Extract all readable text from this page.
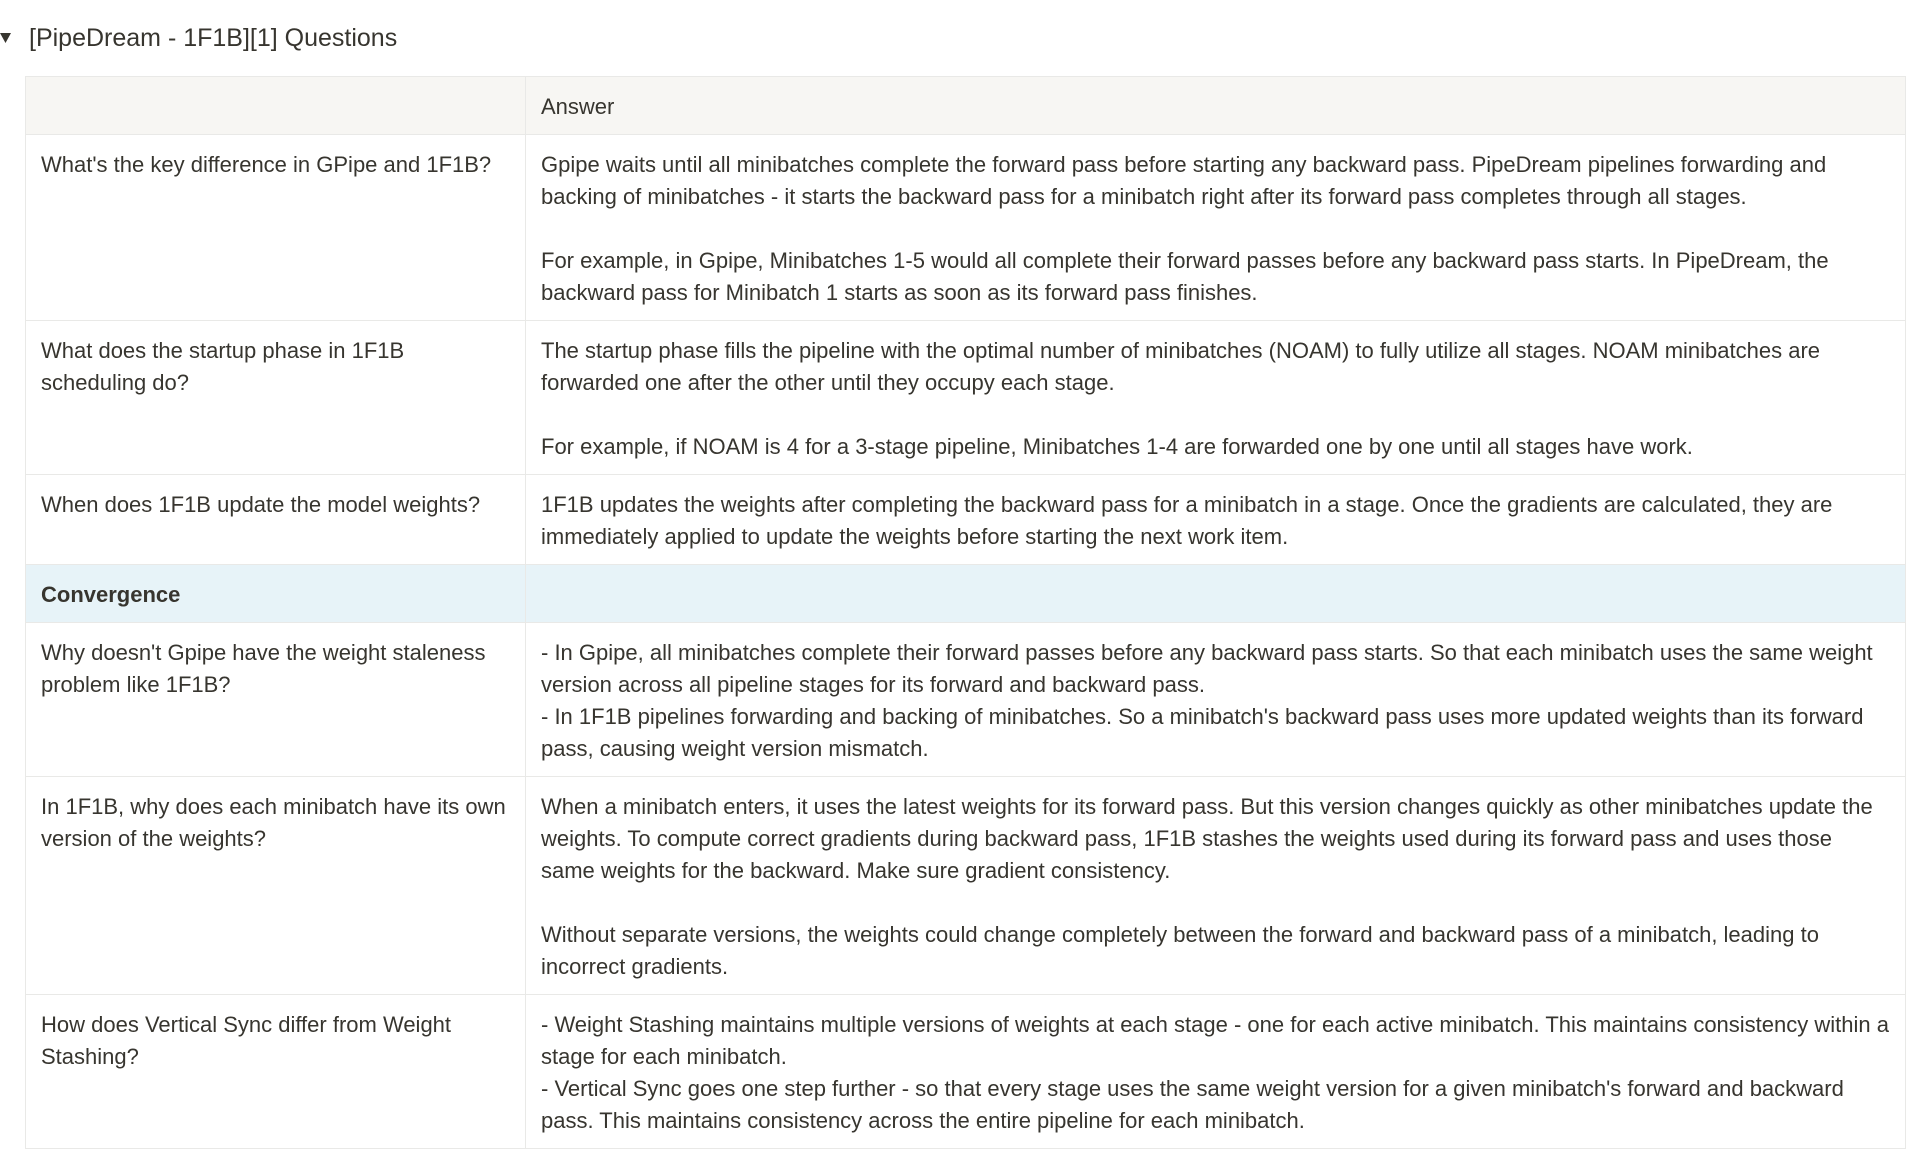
[PipeDream - 1F1B][1] Questions
	Answer
What's the key difference in GPipe and 1F1B?	Gpipe waits until all minibatches complete the forward pass before starting any backward pass. PipeDream pipelines forwarding and backing of minibatches - it starts the backward pass for a minibatch right after its forward pass completes through all stages.
For example, in Gpipe, Minibatches 1-5 would all complete their forward passes before any backward pass starts. In PipeDream, the backward pass for Minibatch 1 starts as soon as its forward pass finishes.

What does the startup phase in 1F1B scheduling do?	The startup phase fills the pipeline with the optimal number of minibatches (NOAM) to fully utilize all stages. NOAM minibatches are forwarded one after the other until they occupy each stage.
For example, if NOAM is 4 for a 3-stage pipeline, Minibatches 1-4 are forwarded one by one until all stages have work.

When does 1F1B update the model weights?	1F1B updates the weights after completing the backward pass for a minibatch in a stage. Once the gradients are calculated, they are immediately applied to update the weights before starting the next work item.

Convergence	
Why doesn't Gpipe have the weight staleness problem like 1F1B?	- In Gpipe, all minibatches complete their forward passes before any backward pass starts. So that each minibatch uses the same weight version across all pipeline stages for its forward and backward pass.
- In 1F1B pipelines forwarding and backing of minibatches. So a minibatch's backward pass uses more updated weights than its forward pass, causing weight version mismatch.

In 1F1B, why does each minibatch have its own version of the weights?	When a minibatch enters, it uses the latest weights for its forward pass. But this version changes quickly as other minibatches update the weights. To compute correct gradients during backward pass, 1F1B stashes the weights used during its forward pass and uses those same weights for the backward. Make sure gradient consistency.
Without separate versions, the weights could change completely between the forward and backward pass of a minibatch, leading to incorrect gradients.

How does Vertical Sync differ from Weight Stashing?	- Weight Stashing maintains multiple versions of weights at each stage - one for each active minibatch. This maintains consistency within a stage for each minibatch.
- Vertical Sync goes one step further - so that every stage uses the same weight version for a given minibatch's forward and backward pass. This maintains consistency across the entire pipeline for each minibatch.
